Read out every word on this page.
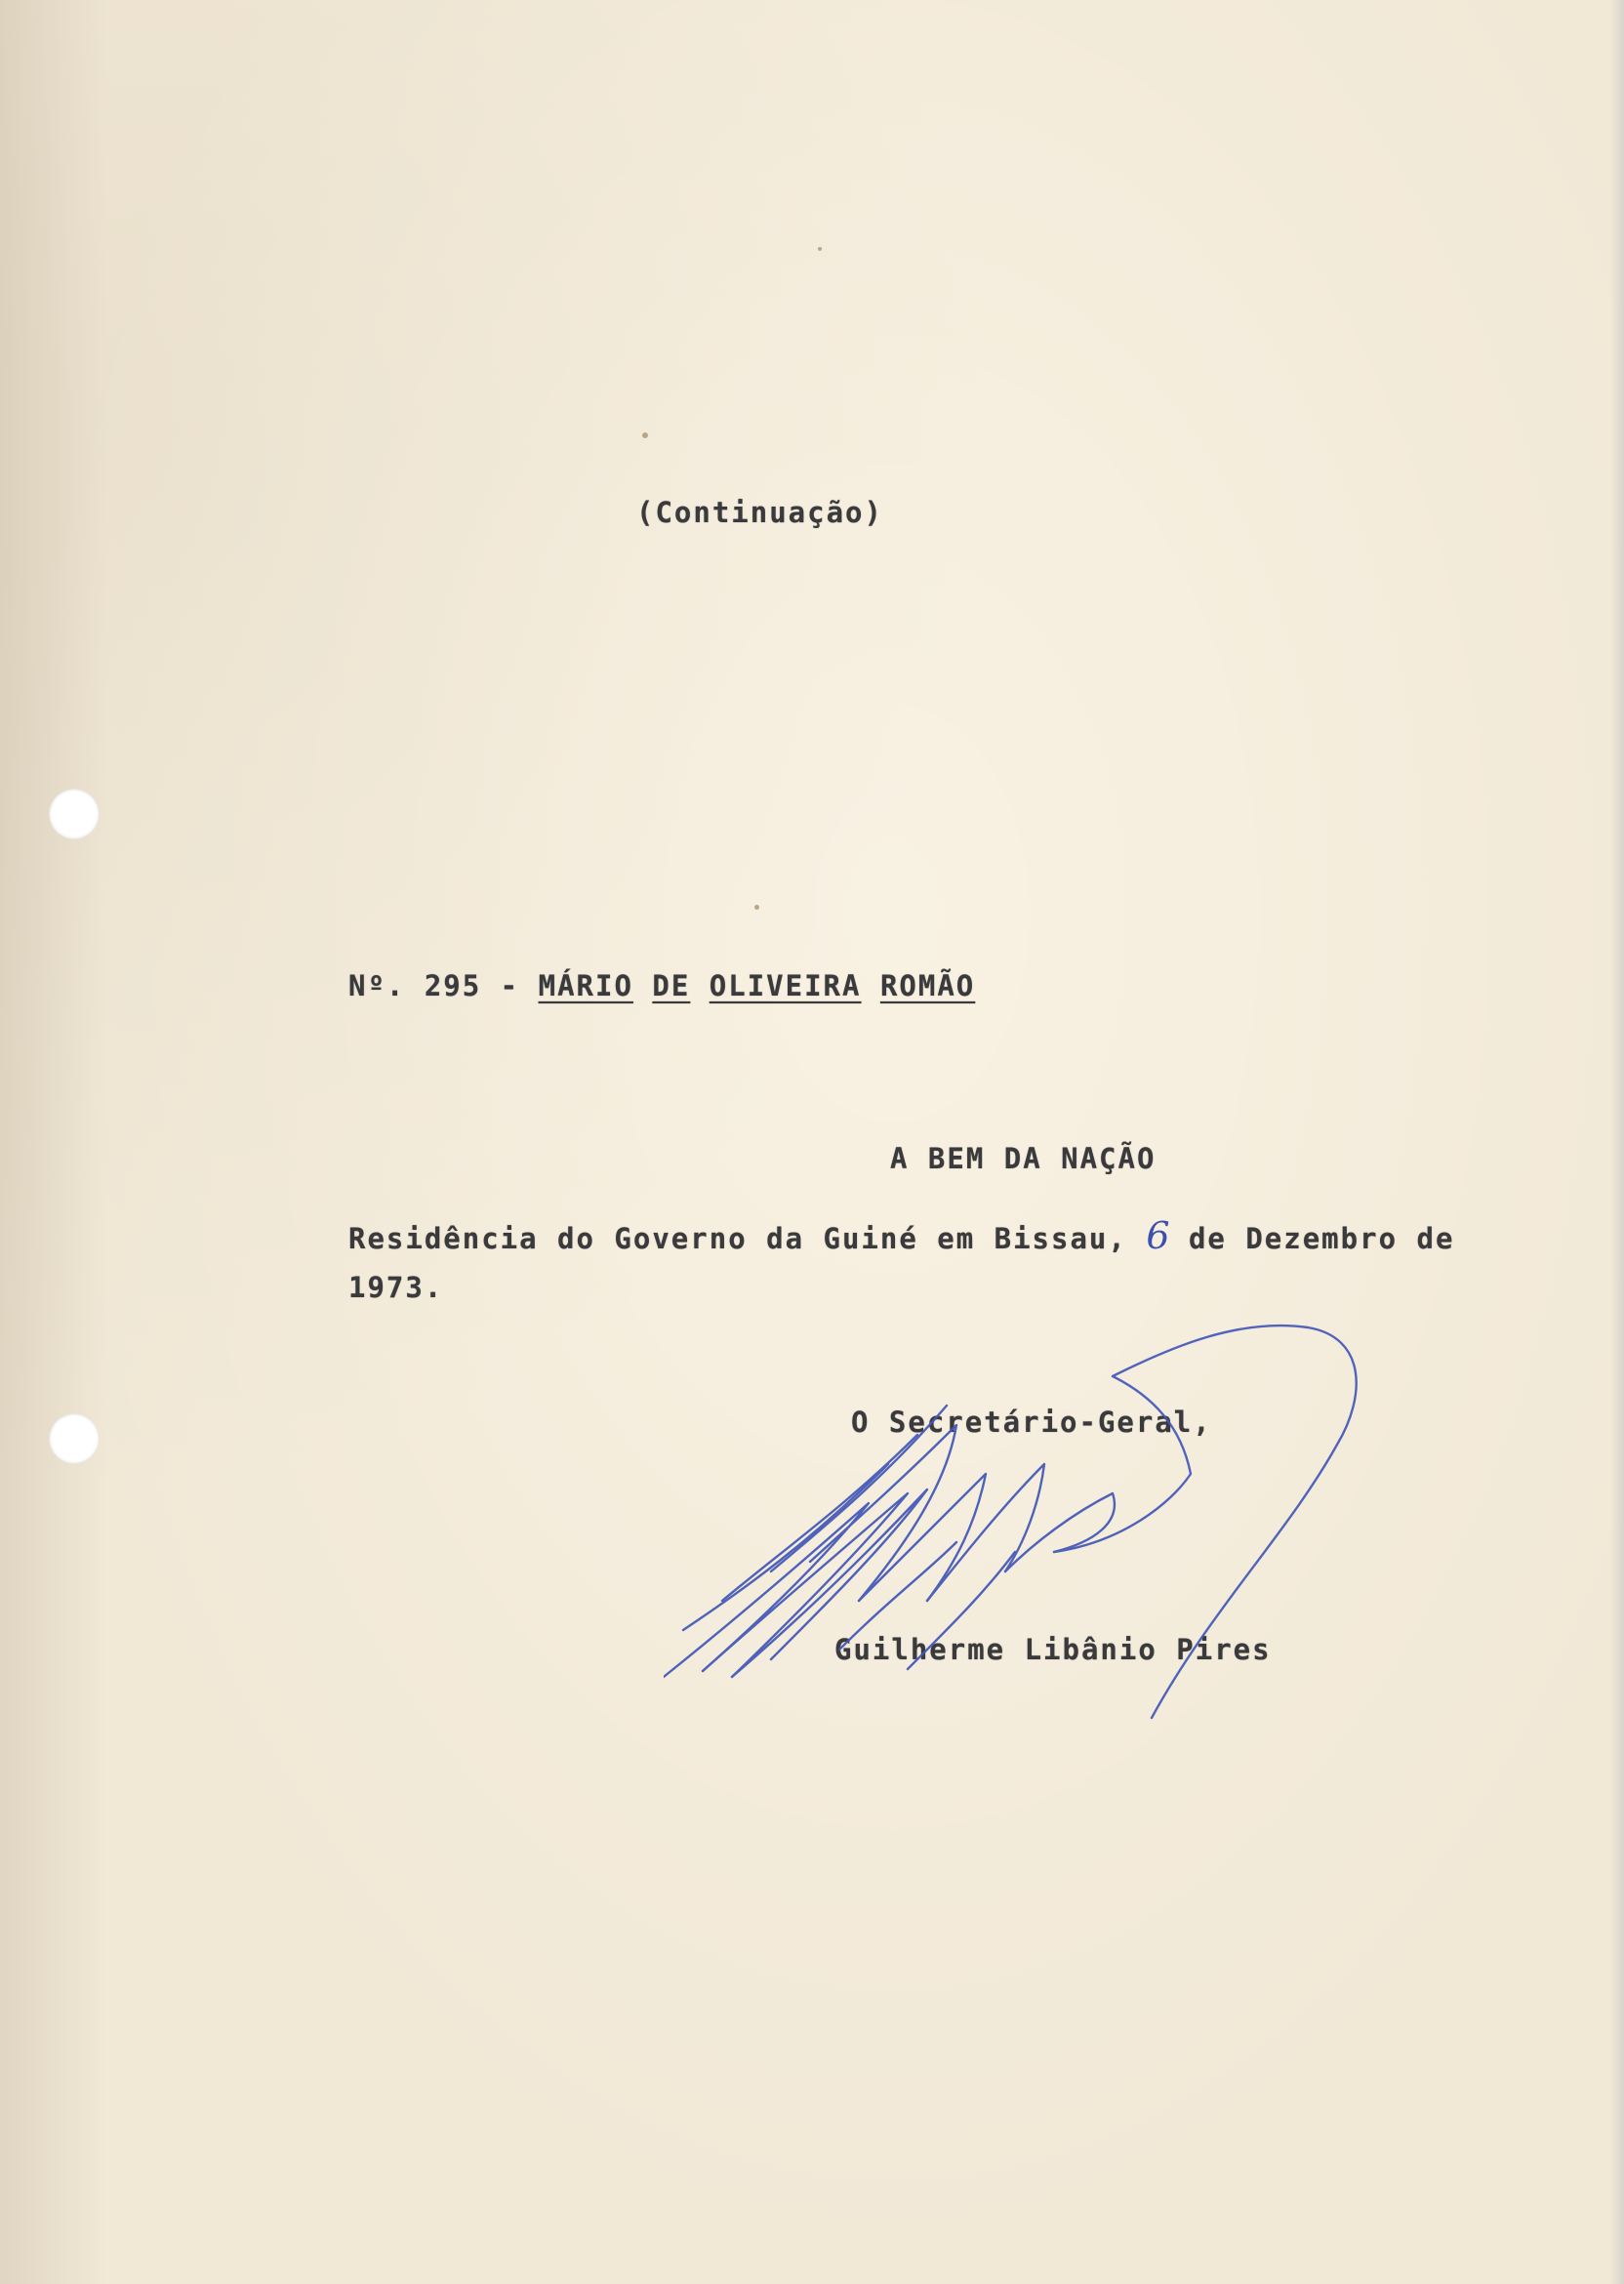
(Continuação)
Nº. 295 - MÁRIO DE OLIVEIRA ROMÃO
A BEM DA NAÇÃO
Residência do Governo da Guiné em Bissau, 6 de Dezembro de
1973.
O Secretário-Geral,
Guilherme Libânio Pires
